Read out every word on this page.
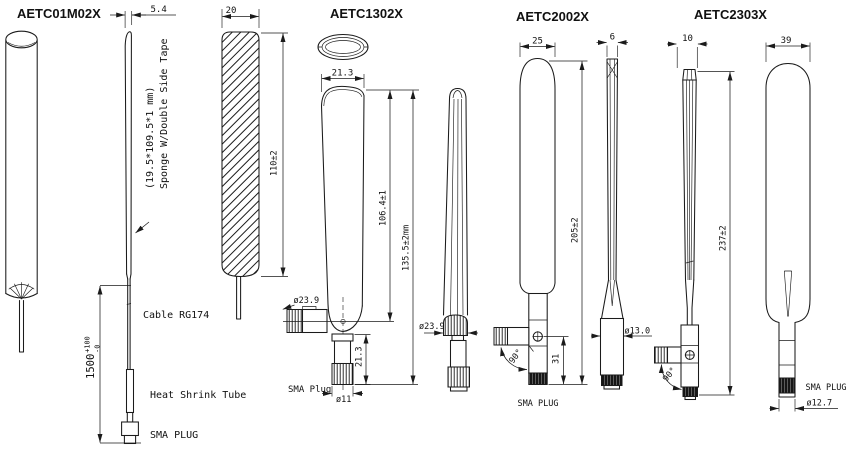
AETC01M02X	5.4
Sponge W/Double Side Tape
(19.5*109.5*1 mm)
$1500^{+100}$ -0
Cable RG174
Heat Shrink Tube
SMA PLUG
20
110±2
AETC1302X
21.3
ø23.9
21.3
ø11
SMA Plug
106.4±1
135.5±2mm
ø23.9
AETC2002X
25
90°	31
205±2
SMA PLUG
6
ø13.0
AETC2303X
10
90°
237±2
39
SMA PLUG
ø12.7
